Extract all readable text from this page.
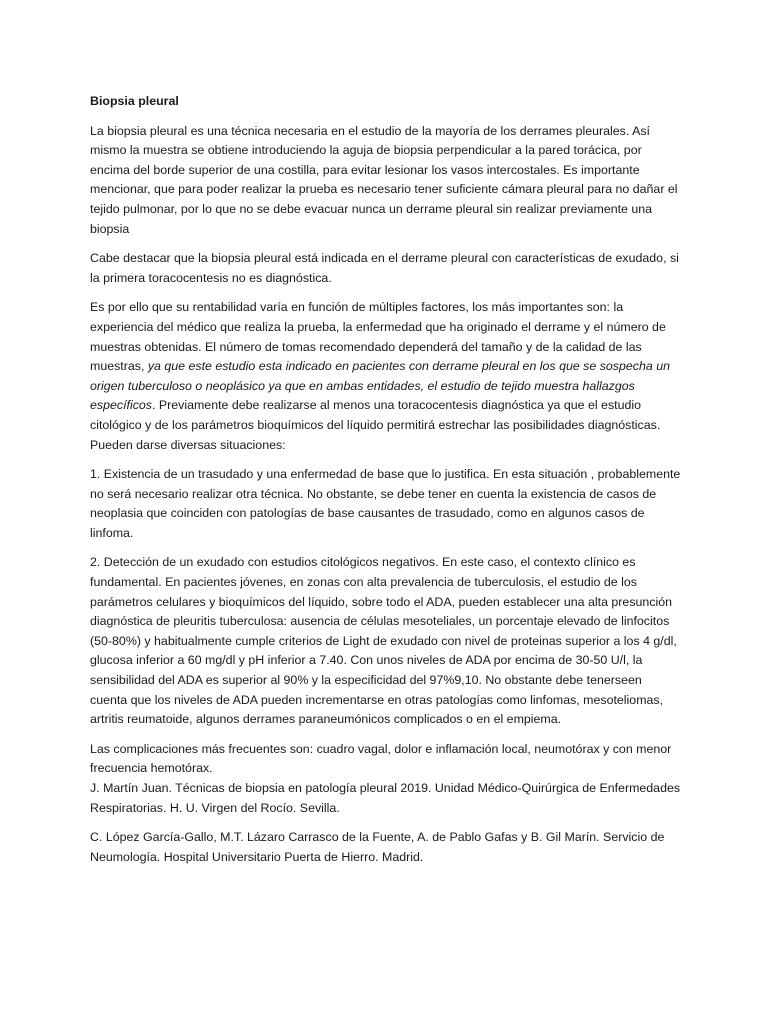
Biopsia pleural

La biopsia pleural es una técnica necesaria en el estudio de la mayoría de los derrames pleurales. Así mismo la muestra se obtiene introduciendo la aguja de biopsia perpendicular a la pared torácica, por encima del borde superior de una costilla, para evitar lesionar los vasos intercostales. Es importante mencionar, que para poder realizar la prueba es necesario tener suficiente cámara pleural para no dañar el tejido pulmonar, por lo que no se debe evacuar nunca un derrame pleural sin realizar previamente una biopsia

Cabe destacar que la biopsia pleural está indicada en el derrame pleural con características de exudado, si la primera toracocentesis no es diagnóstica.

Es por ello que su rentabilidad varía en función de múltiples factores, los más importantes son: la experiencia del médico que realiza la prueba, la enfermedad que ha originado el derrame y el número de muestras obtenidas. El número de tomas recomendado dependerá del tamaño y de la calidad de las muestras, ya que este estudio esta indicado en pacientes con derrame pleural en los que se sospecha un origen tuberculoso o neoplásico ya que en ambas entidades, el estudio de tejido muestra hallazgos específicos. Previamente debe realizarse al menos una toracocentesis diagnóstica ya que el estudio citológico y de los parámetros bioquímicos del líquido permitirá estrechar las posibilidades diagnósticas. Pueden darse diversas situaciones:

1. Existencia de un trasudado y una enfermedad de base que lo justifica. En esta situación , probablemente no será necesario realizar otra técnica. No obstante, se debe tener en cuenta la existencia de casos de neoplasia que coinciden con patologías de base causantes de trasudado, como en algunos casos de linfoma.

2. Detección de un exudado con estudios citológicos negativos. En este caso, el contexto clínico es fundamental. En pacientes jóvenes, en zonas con alta prevalencia de tuberculosis, el estudio de los parámetros celulares y bioquímicos del líquido, sobre todo el ADA, pueden establecer una alta presunción diagnóstica de pleuritis tuberculosa: ausencia de células mesoteliales, un porcentaje elevado de linfocitos (50-80%) y habitualmente cumple criterios de Light de exudado con nivel de proteinas superior a los 4 g/dl, glucosa inferior a 60 mg/dl y pH inferior a 7.40. Con unos niveles de ADA por encima de 30-50 U/l, la sensibilidad del ADA es superior al 90% y la especificidad del 97%9,10. No obstante debe tenerseen cuenta que los niveles de ADA pueden incrementarse en otras patologías como linfomas, mesoteliomas, artritis reumatoide, algunos derrames paraneumónicos complicados o en el empiema.

Las complicaciones más frecuentes son: cuadro vagal, dolor e inflamación local, neumotórax y con menor frecuencia hemotórax.

J. Martín Juan. Técnicas de biopsia en patología pleural 2019. Unidad Médico-Quirúrgica de Enfermedades Respiratorias. H. U. Virgen del Rocío. Sevilla.

C. López García-Gallo, M.T. Lázaro Carrasco de la Fuente, A. de Pablo Gafas y B. Gil Marín. Servicio de Neumología. Hospital Universitario Puerta de Hierro. Madrid.
